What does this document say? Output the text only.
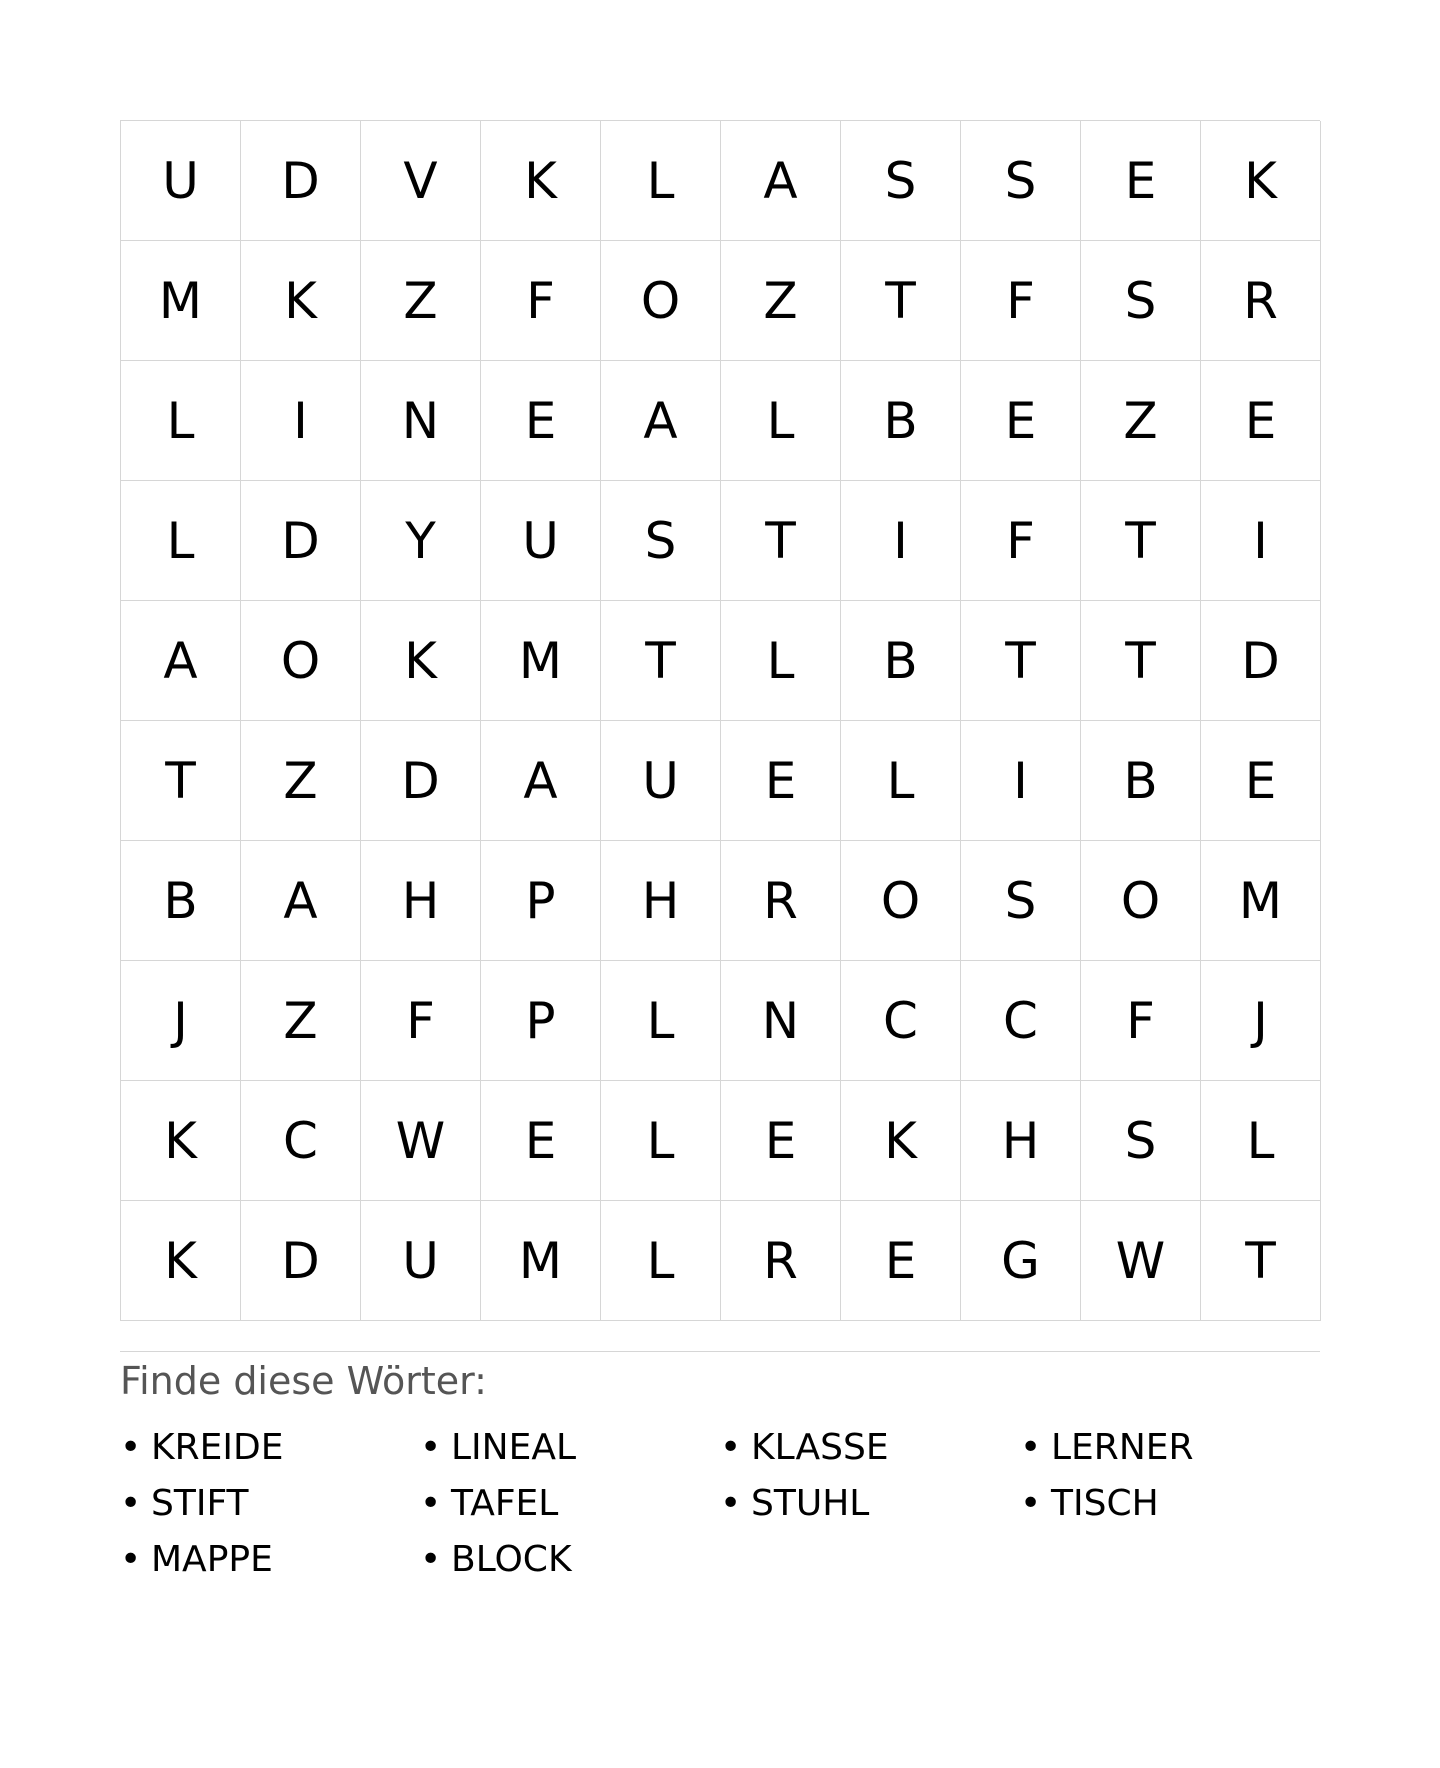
U	D	V	K	L	A	S	S	E	K
M	K	Z	F	O	Z	T	F	S	R
L	I	N	E	A	L	B	E	Z	E
L	D	Y	U	S	T	I	F	T	I
A	O	K	M	T	L	B	T	T	D
T	Z	D	A	U	E	L	I	B	E
B	A	H	P	H	R	O	S	O	M
J	Z	F	P	L	N	C	C	F	J
K	C	W	E	L	E	K	H	S	L
K	D	U	M	L	R	E	G	W	T
Finde diese Wörter:
• KREIDE	• LINEAL	• KLASSE	• LERNER
• STIFT	• TAFEL	• STUHL	• TISCH
• MAPPE	• BLOCK
